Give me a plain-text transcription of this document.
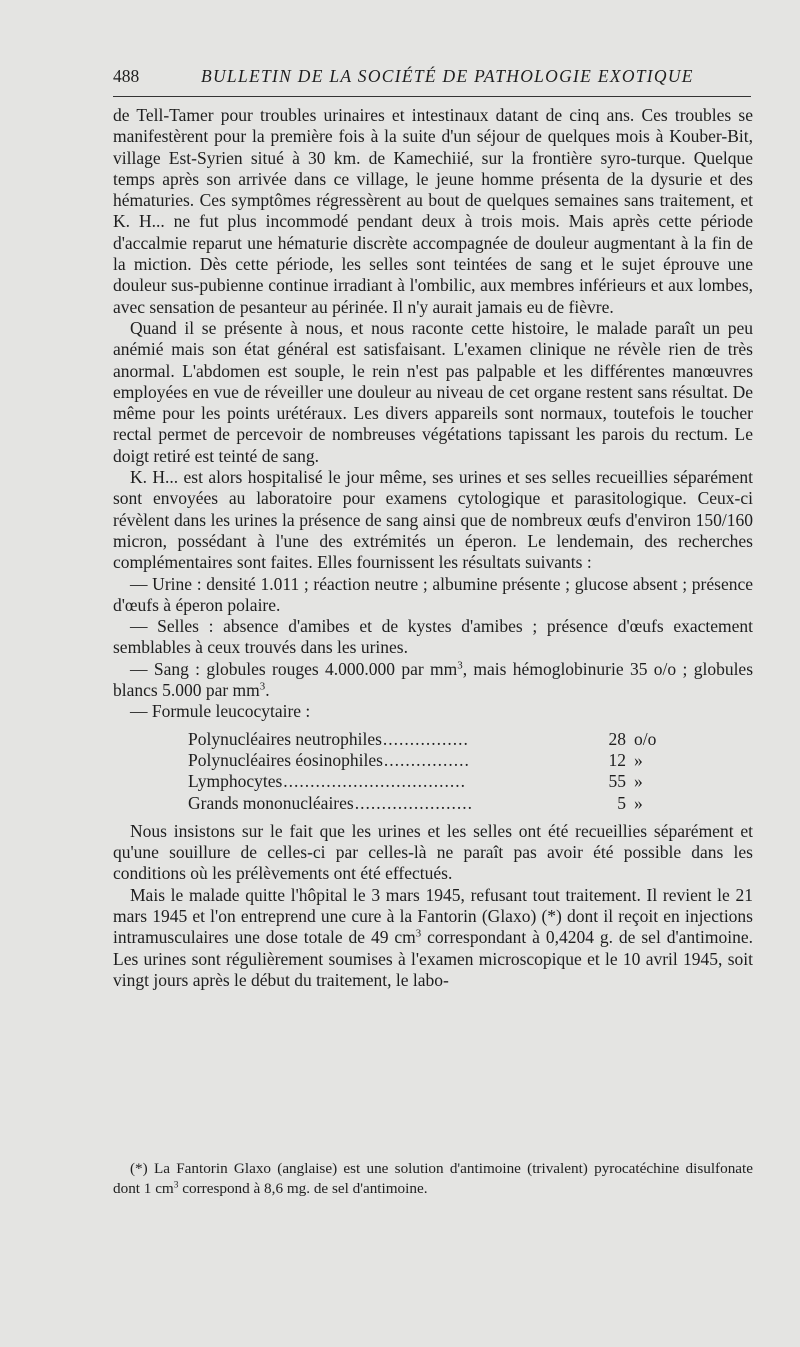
488	BULLETIN DE LA SOCIÉTÉ DE PATHOLOGIE EXOTIQUE

de Tell-Tamer pour troubles urinaires et intestinaux datant de cinq ans. Ces troubles se manifestèrent pour la première fois à la suite d'un séjour de quelques mois à Kouber-Bit, village Est-Syrien situé à 30 km. de Kamechiié, sur la frontière syro-turque. Quelque temps après son arrivée dans ce village, le jeune homme présenta de la dysurie et des hématuries. Ces symptômes régressèrent au bout de quelques semaines sans traitement, et K. H... ne fut plus incommodé pendant deux à trois mois. Mais après cette période d'accalmie reparut une hématurie discrète accompagnée de douleur augmentant à la fin de la miction. Dès cette période, les selles sont teintées de sang et le sujet éprouve une douleur sus-pubienne continue irradiant à l'ombilic, aux membres inférieurs et aux lombes, avec sensation de pesanteur au périnée. Il n'y aurait jamais eu de fièvre.

Quand il se présente à nous, et nous raconte cette histoire, le malade paraît un peu anémié mais son état général est satisfaisant. L'examen clinique ne révèle rien de très anormal. L'abdomen est souple, le rein n'est pas palpable et les différentes manœuvres employées en vue de réveiller une douleur au niveau de cet organe restent sans résultat. De même pour les points urétéraux. Les divers appareils sont normaux, toutefois le toucher rectal permet de percevoir de nombreuses végétations tapissant les parois du rectum. Le doigt retiré est teinté de sang.

K. H... est alors hospitalisé le jour même, ses urines et ses selles recueillies séparément sont envoyées au laboratoire pour examens cytologique et parasitologique. Ceux-ci révèlent dans les urines la présence de sang ainsi que de nombreux œufs d'environ 150/160 micron, possédant à l'une des extrémités un éperon. Le lendemain, des recherches complémentaires sont faites. Elles fournissent les résultats suivants :

— Urine : densité 1.011 ; réaction neutre ; albumine présente ; glucose absent ; présence d'œufs à éperon polaire.

— Selles : absence d'amibes et de kystes d'amibes ; présence d'œufs exactement semblables à ceux trouvés dans les urines.

— Sang : globules rouges 4.000.000 par $mm^3$, mais hémoglobinurie 35 o/o ; globules blancs 5.000 par $mm^3$.

— Formule leucocytaire :

Polynucléaires neutrophiles ................	28 o/o
Polynucléaires éosinophiles ................	12 »
Lymphocytes ..................................	55 »
Grands mononucléaires ......................	5 »

Nous insistons sur le fait que les urines et les selles ont été recueillies séparément et qu'une souillure de celles-ci par celles-là ne paraît pas avoir été possible dans les conditions où les prélèvements ont été effectués.

Mais le malade quitte l'hôpital le 3 mars 1945, refusant tout traitement. Il revient le 21 mars 1945 et l'on entreprend une cure à la Fantorin (Glaxo) (*) dont il reçoit en injections intramusculaires une dose totale de 49 $cm^3$ correspondant à 0,4204 g. de sel d'antimoine. Les urines sont régulièrement soumises à l'examen microscopique et le 10 avril 1945, soit vingt jours après le début du traitement, le labo-

(*) La Fantorin Glaxo (anglaise) est une solution d'antimoine (trivalent) pyrocatéchine disulfonate dont 1 $cm^3$ correspond à 8,6 mg. de sel d'antimoine.
